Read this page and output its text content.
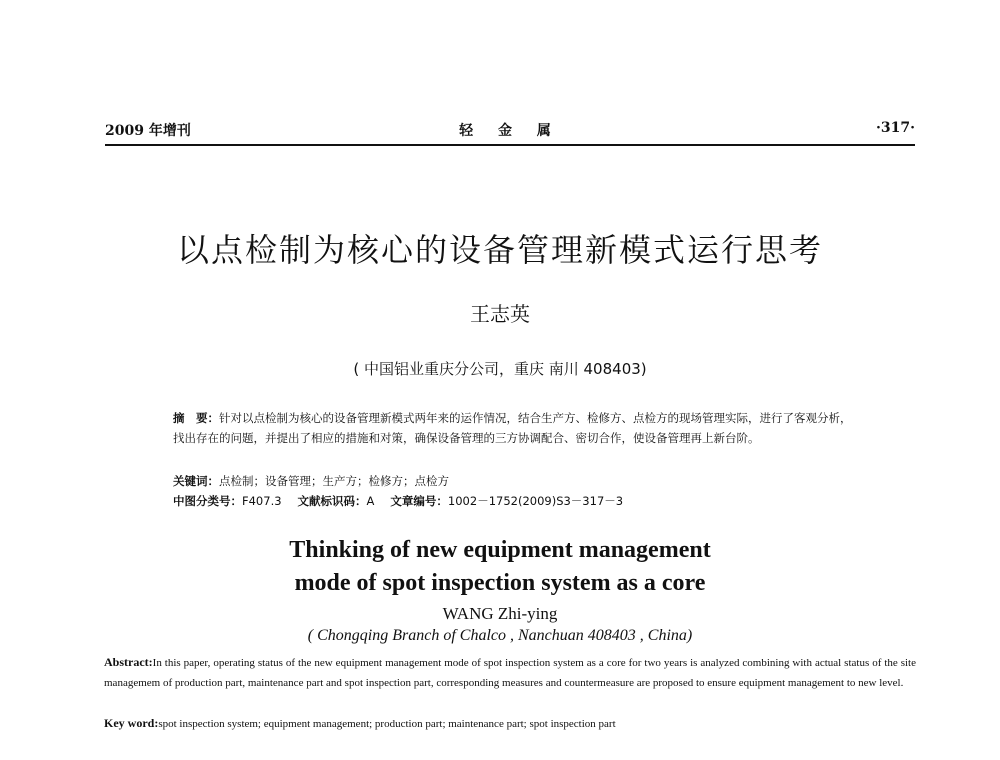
2009 年增刊	轻 金 属	·317·
以点检制为核心的设备管理新模式运行思考
王志英
( 中国铝业重庆分公司，重庆 南川 408403)
摘　要：针对以点检制为核心的设备管理新模式两年来的运作情况，结合生产方、检修方、点检方的现场管理实际，进行了客观分析，找出存在的问题，并提出了相应的措施和对策，确保设备管理的三方协调配合、密切合作，使设备管理再上新台阶。
关键词：点检制；设备管理；生产方；检修方；点检方
中图分类号：F407.3 文献标识码：A 文章编号：1002－1752(2009)S3－317－3
Thinking of new equipment management
mode of spot inspection system as a core
WANG Zhi-ying
( Chongqing Branch of Chalco , Nanchuan 408403 , China)
Abstract:In this paper, operating status of the new equipment management mode of spot inspection system as a core for two years is analyzed combining with actual status of the site managemem of production part, maintenance part and spot inspection part, corresponding measures and countermeasure are proposed to ensure equipment management to new level.
Key word:spot inspection system; equipment management; production part; maintenance part; spot inspection part
